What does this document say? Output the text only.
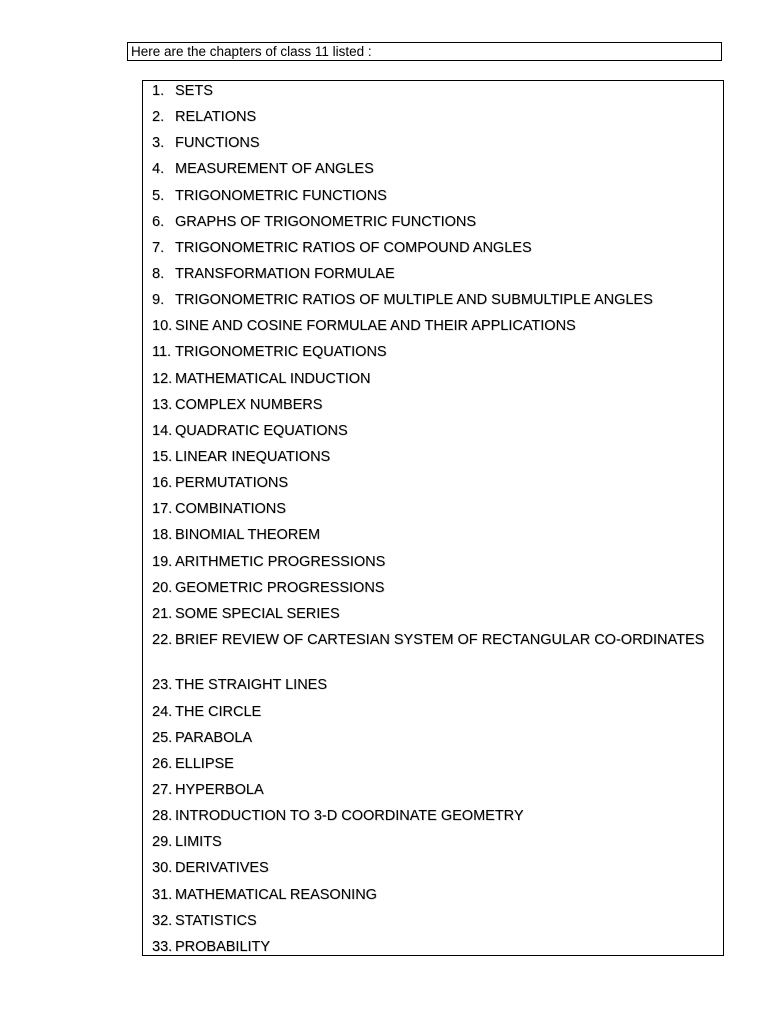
Here are the chapters of class 11 listed :
1. SETS
2. RELATIONS
3. FUNCTIONS
4. MEASUREMENT OF ANGLES
5. TRIGONOMETRIC FUNCTIONS
6. GRAPHS OF TRIGONOMETRIC FUNCTIONS
7. TRIGONOMETRIC RATIOS OF COMPOUND ANGLES
8. TRANSFORMATION FORMULAE
9. TRIGONOMETRIC RATIOS OF MULTIPLE AND SUBMULTIPLE ANGLES
10. SINE AND COSINE FORMULAE AND THEIR APPLICATIONS
11. TRIGONOMETRIC EQUATIONS
12. MATHEMATICAL INDUCTION
13. COMPLEX NUMBERS
14. QUADRATIC EQUATIONS
15. LINEAR INEQUATIONS
16. PERMUTATIONS
17. COMBINATIONS
18. BINOMIAL THEOREM
19. ARITHMETIC PROGRESSIONS
20. GEOMETRIC PROGRESSIONS
21. SOME SPECIAL SERIES
22. BRIEF REVIEW OF CARTESIAN SYSTEM OF RECTANGULAR CO-ORDINATES
23. THE STRAIGHT LINES
24. THE CIRCLE
25. PARABOLA
26. ELLIPSE
27. HYPERBOLA
28. INTRODUCTION TO 3-D COORDINATE GEOMETRY
29. LIMITS
30. DERIVATIVES
31. MATHEMATICAL REASONING
32. STATISTICS
33. PROBABILITY
